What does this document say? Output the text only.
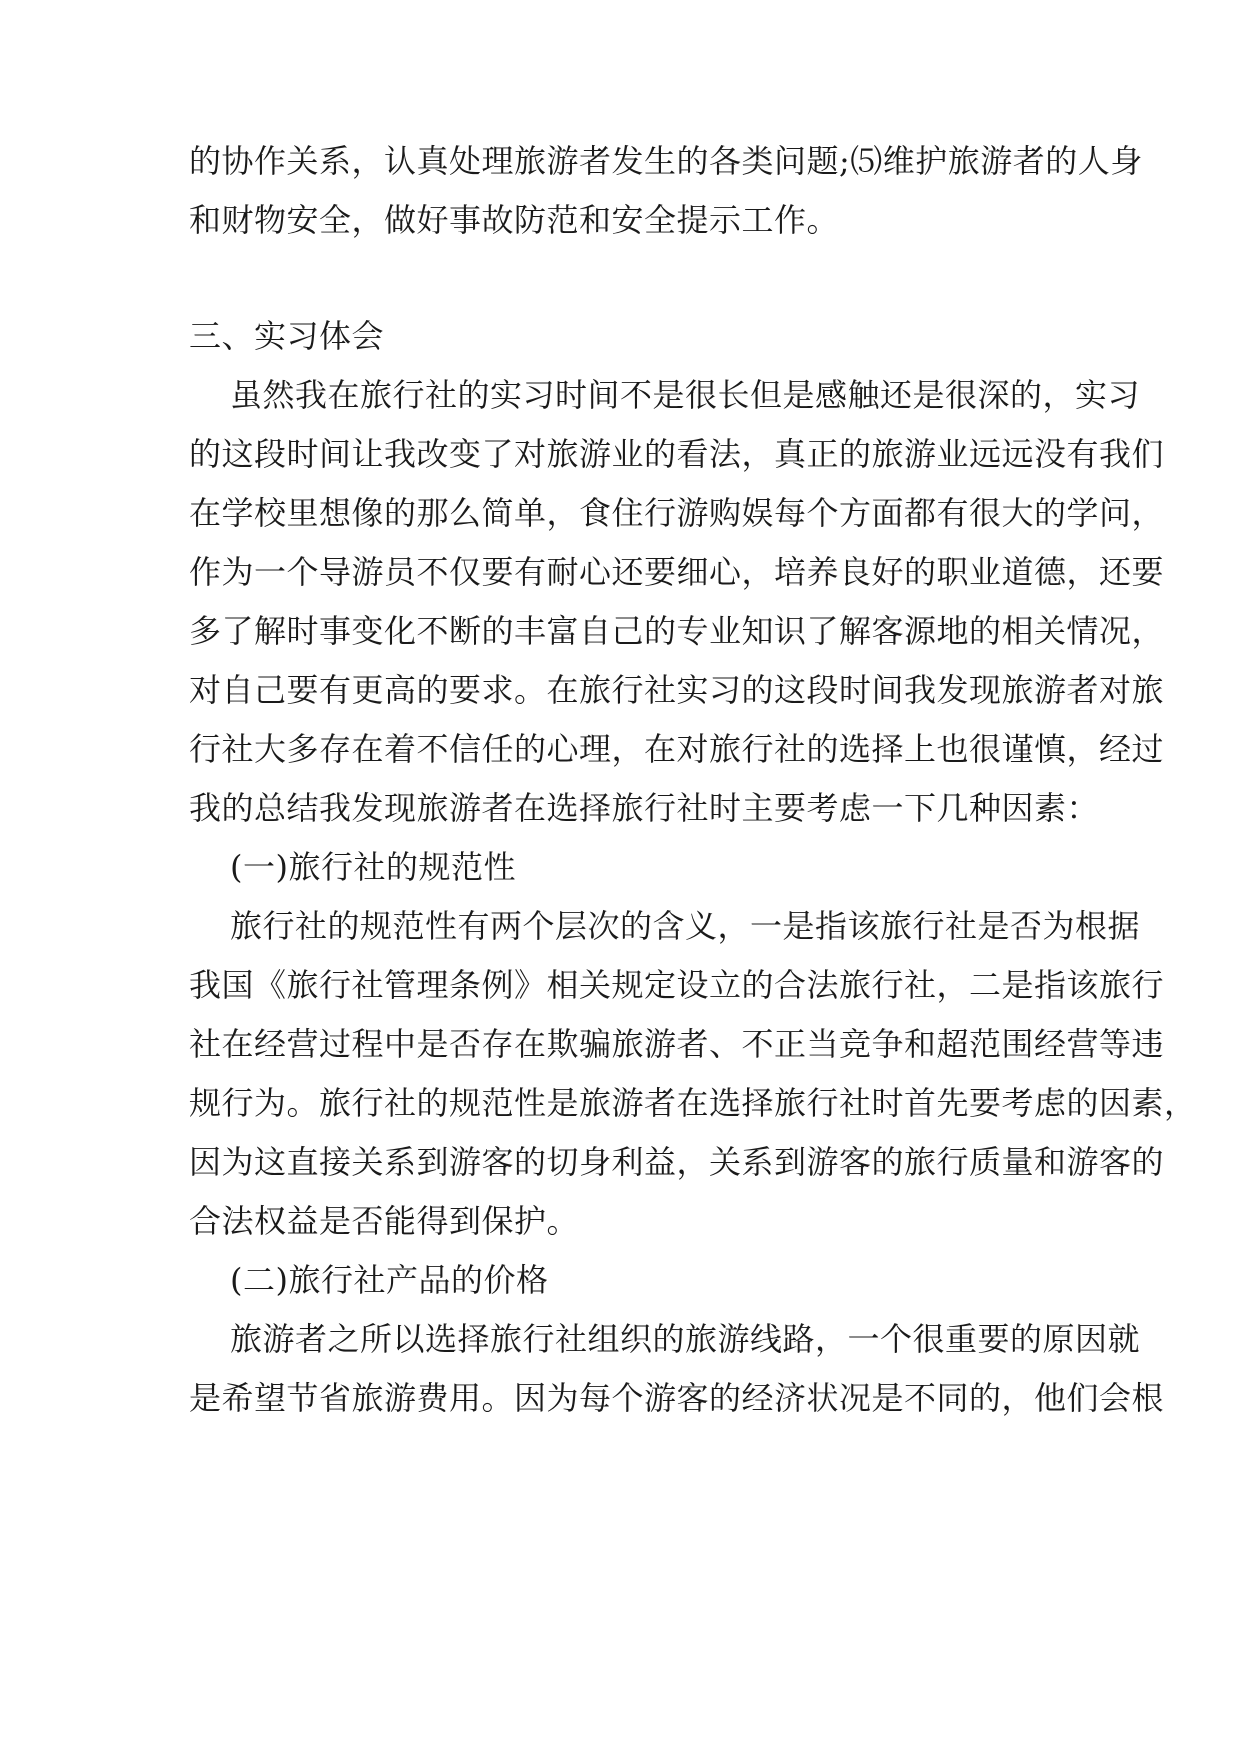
的协作关系，认真处理旅游者发生的各类问题;⑸维护旅游者的人身
和财物安全，做好事故防范和安全提示工作。
三、实习体会
虽然我在旅行社的实习时间不是很长但是感触还是很深的，实习
的这段时间让我改变了对旅游业的看法，真正的旅游业远远没有我们
在学校里想像的那么简单，食住行游购娱每个方面都有很大的学问，
作为一个导游员不仅要有耐心还要细心，培养良好的职业道德，还要
多了解时事变化不断的丰富自己的专业知识了解客源地的相关情况，
对自己要有更高的要求。在旅行社实习的这段时间我发现旅游者对旅
行社大多存在着不信任的心理，在对旅行社的选择上也很谨慎，经过
我的总结我发现旅游者在选择旅行社时主要考虑一下几种因素：
(一)旅行社的规范性
旅行社的规范性有两个层次的含义，一是指该旅行社是否为根据
我国《旅行社管理条例》相关规定设立的合法旅行社，二是指该旅行
社在经营过程中是否存在欺骗旅游者、不正当竞争和超范围经营等违
规行为。旅行社的规范性是旅游者在选择旅行社时首先要考虑的因素，
因为这直接关系到游客的切身利益，关系到游客的旅行质量和游客的
合法权益是否能得到保护。
(二)旅行社产品的价格
旅游者之所以选择旅行社组织的旅游线路，一个很重要的原因就
是希望节省旅游费用。因为每个游客的经济状况是不同的，他们会根
